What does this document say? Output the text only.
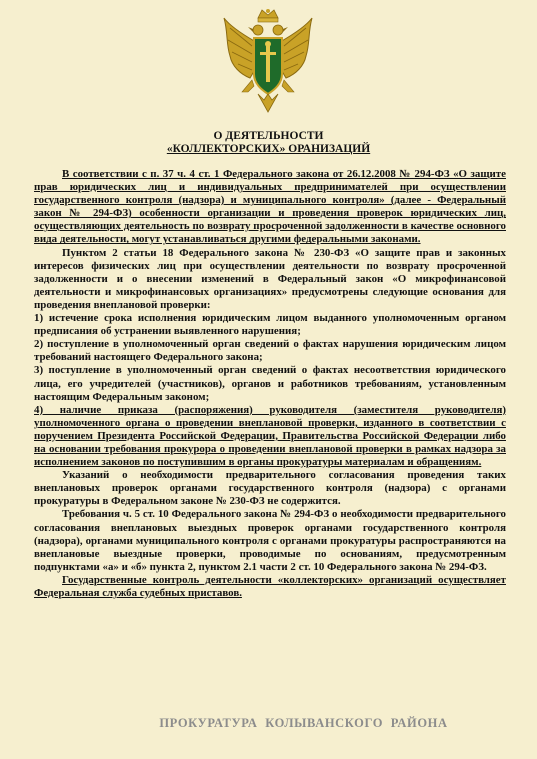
О ДЕЯТЕЛЬНОСТИ
«КОЛЛЕКТОРСКИХ» ОРАНИЗАЦИЙ

В соответствии с п. 37 ч. 4 ст. 1 Федерального закона от 26.12.2008 № 294-ФЗ «О защите прав юридических лиц и индивидуальных предпринимателей при осуществлении государственного контроля (надзора) и муниципального контроля» (далее - Федеральный закон № 294-ФЗ) особенности организации и проведения проверок юридических лиц, осуществляющих деятельность по возврату просроченной задолженности в качестве основного вида деятельности, могут устанавливаться другими федеральными законами.

Пунктом 2 статьи 18 Федерального закона № 230-ФЗ «О защите прав и законных интересов физических лиц при осуществлении деятельности по возврату просроченной задолженности и о внесении изменений в Федеральный закон «О микрофинансовой деятельности и микрофинансовых организациях» предусмотрены следующие основания для проведения внеплановой проверки:

1) истечение срока исполнения юридическим лицом выданного уполномоченным органом предписания об устранении выявленного нарушения;

2) поступление в уполномоченный орган сведений о фактах нарушения юридическим лицом требований настоящего Федерального закона;

3) поступление в уполномоченный орган сведений о фактах несоответствия юридического лица, его учредителей (участников), органов и работников требованиям, установленным настоящим Федеральным законом;

4) наличие приказа (распоряжения) руководителя (заместителя руководителя) уполномоченного органа о проведении внеплановой проверки, изданного в соответствии с поручением Президента Российской Федерации, Правительства Российской Федерации либо на основании требования прокурора о проведении внеплановой проверки в рамках надзора за исполнением законов по поступившим в органы прокуратуры материалам и обращениям.

Указаний о необходимости предварительного согласования проведения таких внеплановых проверок органами государственного контроля (надзора) с органами прокуратуры в Федеральном законе № 230-ФЗ не содержится.

Требования ч. 5 ст. 10 Федерального закона № 294-ФЗ о необходимости предварительного согласования внеплановых выездных проверок органами государственного контроля (надзора), органами муниципального контроля с органами прокуратуры распространяются на внеплановые выездные проверки, проводимые по основаниям, предусмотренным подпунктами «а» и «б» пункта 2, пунктом 2.1 части 2 ст. 10 Федерального закона № 294-ФЗ.

Государственные контроль деятельности «коллекторских» организаций осуществляет Федеральная служба судебных приставов.

ПРОКУРАТУРА КОЛЫВАНСКОГО РАЙОНА
